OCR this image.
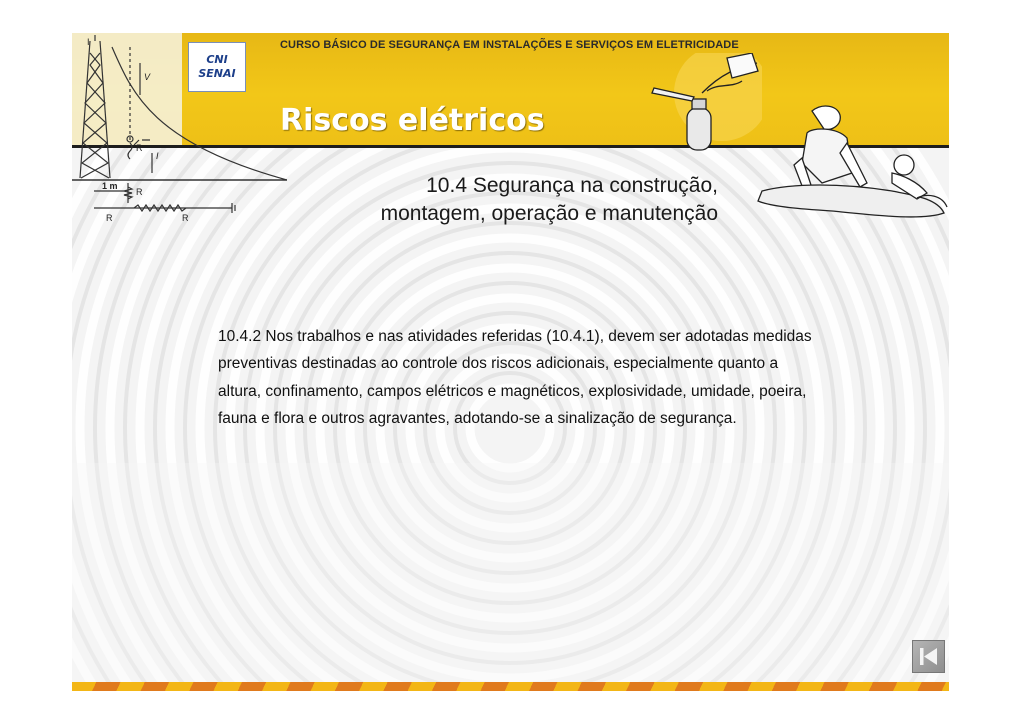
I
V
R
I
1 m
R
R	R
CNI
SENAI
CURSO BÁSICO DE SEGURANÇA EM INSTALAÇÕES E SERVIÇOS EM ELETRICIDADE
Riscos elétricos
10.4 Segurança na construção,
montagem, operação e manutenção
10.4.2 Nos trabalhos e nas atividades referidas (10.4.1), devem ser adotadas medidas preventivas destinadas ao controle dos riscos adicionais, especialmente quanto a altura, confinamento, campos elétricos e magnéticos, explosividade, umidade, poeira, fauna e flora e outros agravantes, adotando-se a sinalização de segurança.
